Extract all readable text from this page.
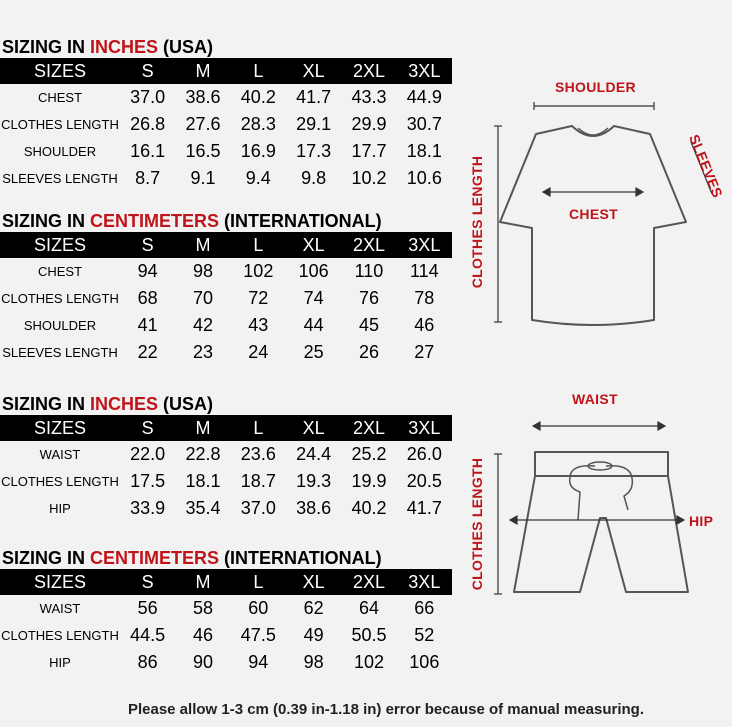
SIZING IN INCHES (USA)
SIZES	S	M	L	XL	2XL	3XL
CHEST	37.0	38.6	40.2	41.7	43.3	44.9
CLOTHES LENGTH	26.8	27.6	28.3	29.1	29.9	30.7
SHOULDER	16.1	16.5	16.9	17.3	17.7	18.1
SLEEVES LENGTH	8.7	9.1	9.4	9.8	10.2	10.6
SIZING IN CENTIMETERS (INTERNATIONAL)
SIZES	S	M	L	XL	2XL	3XL
CHEST	94	98	102	106	110	114
CLOTHES LENGTH	68	70	72	74	76	78
SHOULDER	41	42	43	44	45	46
SLEEVES LENGTH	22	23	24	25	26	27
SIZING IN INCHES (USA)
SIZES	S	M	L	XL	2XL	3XL
WAIST	22.0	22.8	23.6	24.4	25.2	26.0
CLOTHES LENGTH	17.5	18.1	18.7	19.3	19.9	20.5
HIP	33.9	35.4	37.0	38.6	40.2	41.7
SIZING IN CENTIMETERS (INTERNATIONAL)
SIZES	S	M	L	XL	2XL	3XL
WAIST	56	58	60	62	64	66
CLOTHES LENGTH	44.5	46	47.5	49	50.5	52
HIP	86	90	94	98	102	106
SHOULDER
CHEST
SLEEVES
CLOTHES LENGTH
WAIST
HIP
CLOTHES LENGTH
Please allow 1-3 cm (0.39 in-1.18 in) error because of manual measuring.
